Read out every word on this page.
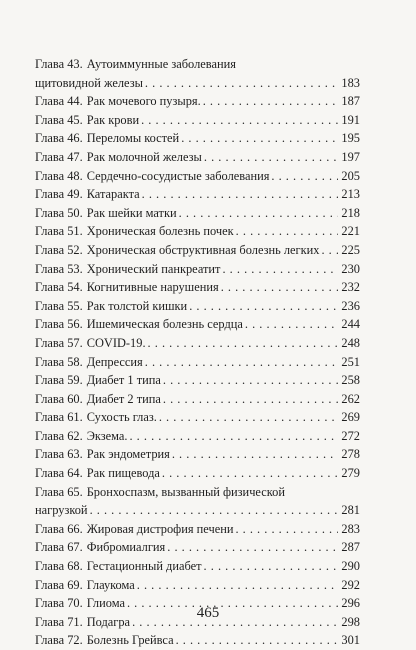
Глава 43. Аутоиммунные заболевания
щитовидной железы . . .	183
Глава 44. Рак мочевого пузыря. . . .	187
Глава 45. Рак крови . . .	191
Глава 46. Переломы костей . . .	195
Глава 47. Рак молочной железы . . .	197
Глава 48. Сердечно-сосудистые заболевания . . .	205
Глава 49. Катаракта . . .	213
Глава 50. Рак шейки матки . . .	218
Глава 51. Хроническая болезнь почек . . .	221
Глава 52. Хроническая обструктивная болезнь легких . . . 225
Глава 53. Хронический панкреатит . . .	230
Глава 54. Когнитивные нарушения . . .	232
Глава 55. Рак толстой кишки . . .	236
Глава 56. Ишемическая болезнь сердца . . .	244
Глава 57. COVID-19. . . .	248
Глава 58. Депрессия . . .	251
Глава 59. Диабет 1 типа . . .	258
Глава 60. Диабет 2 типа . . .	262
Глава 61. Сухость глаз. . . .	269
Глава 62. Экзема. . . .	272
Глава 63. Рак эндометрия . . .	278
Глава 64. Рак пищевода . . .	279
Глава 65. Бронхоспазм, вызванный физической
нагрузкой . . .	281
Глава 66. Жировая дистрофия печени . . .	283
Глава 67. Фибромиалгия . . .	287
Глава 68. Гестационный диабет . . .	290
Глава 69. Глаукома . . .	292
Глава 70. Глиома . . .	296
Глава 71. Подагра . . .	298
Глава 72. Болезнь Грейвса . . .	301
465
